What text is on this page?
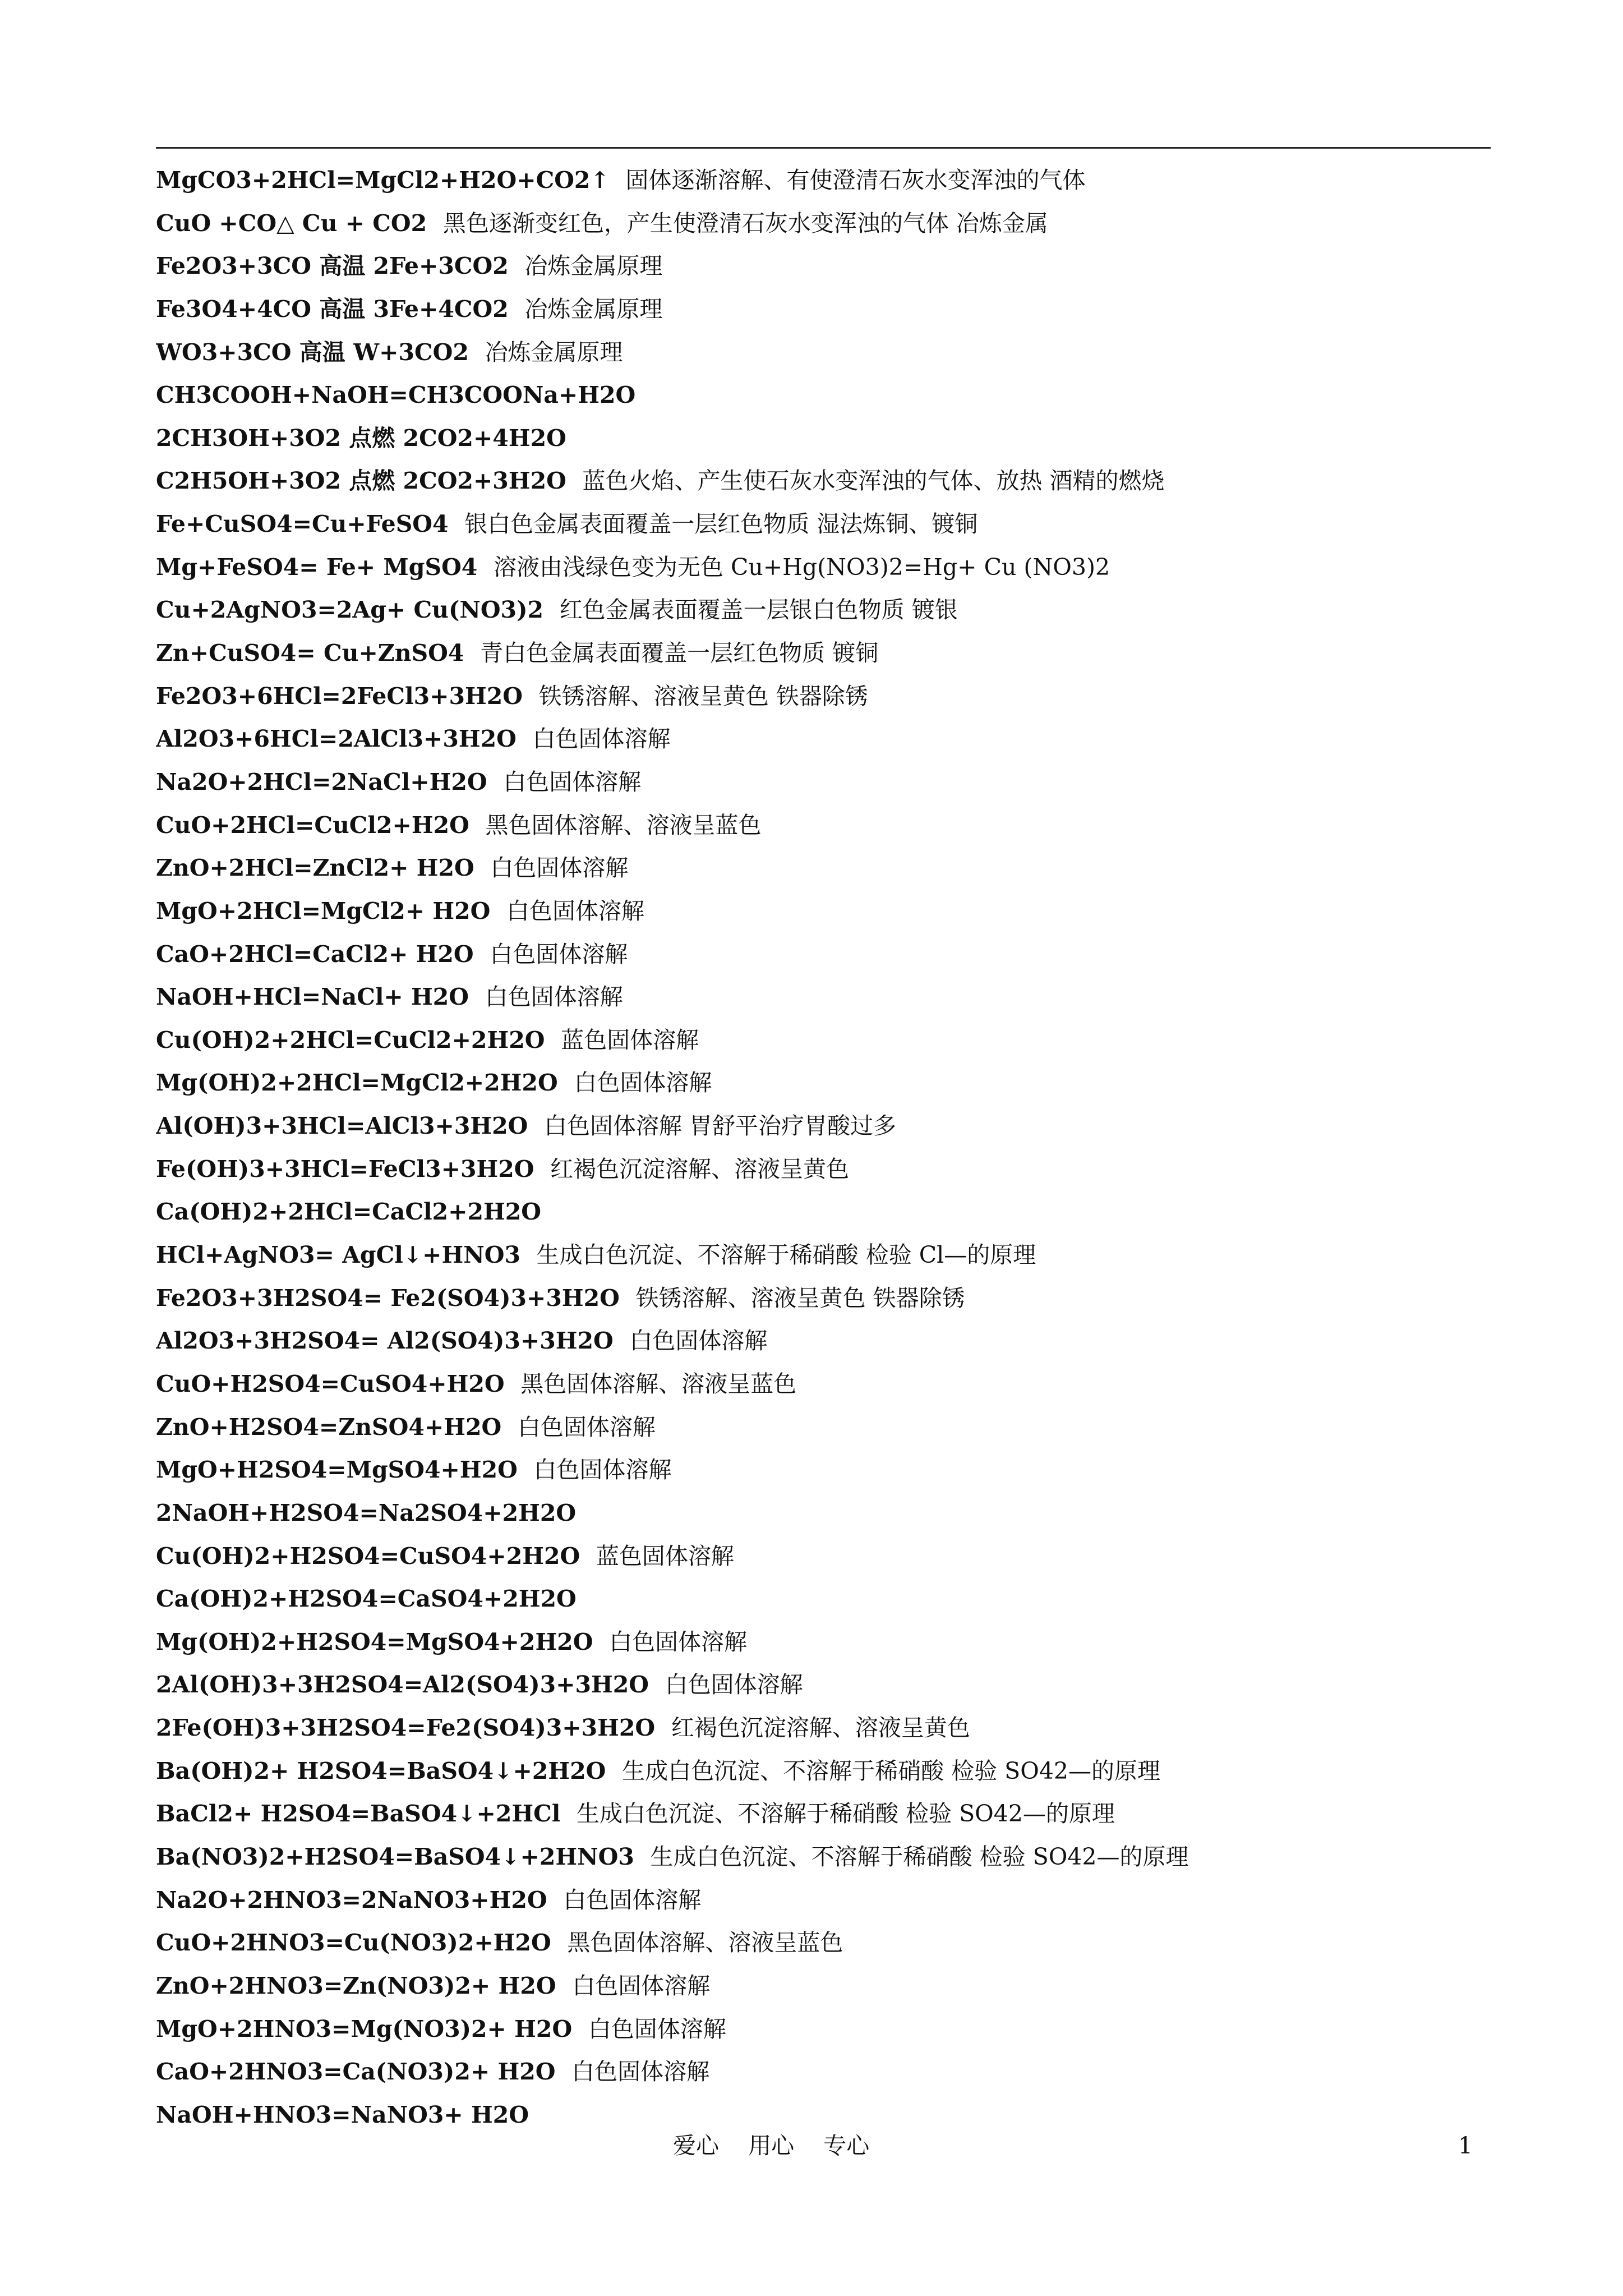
MgCO3+2HCl=MgCl2+H2O+CO2↑ 固体逐渐溶解、有使澄清石灰水变浑浊的气体
CuO +CO△ Cu + CO2 黑色逐渐变红色，产生使澄清石灰水变浑浊的气体 冶炼金属
Fe2O3+3CO 高温 2Fe+3CO2 冶炼金属原理
Fe3O4+4CO 高温 3Fe+4CO2 冶炼金属原理
WO3+3CO 高温 W+3CO2 冶炼金属原理
CH3COOH+NaOH=CH3COONa+H2O
2CH3OH+3O2 点燃 2CO2+4H2O
C2H5OH+3O2 点燃 2CO2+3H2O 蓝色火焰、产生使石灰水变浑浊的气体、放热 酒精的燃烧
Fe+CuSO4=Cu+FeSO4 银白色金属表面覆盖一层红色物质 湿法炼铜、镀铜
Mg+FeSO4= Fe+ MgSO4 溶液由浅绿色变为无色 Cu+Hg(NO3)2=Hg+ Cu (NO3)2
Cu+2AgNO3=2Ag+ Cu(NO3)2 红色金属表面覆盖一层银白色物质 镀银
Zn+CuSO4= Cu+ZnSO4 青白色金属表面覆盖一层红色物质 镀铜
Fe2O3+6HCl=2FeCl3+3H2O 铁锈溶解、溶液呈黄色 铁器除锈
Al2O3+6HCl=2AlCl3+3H2O 白色固体溶解
Na2O+2HCl=2NaCl+H2O 白色固体溶解
CuO+2HCl=CuCl2+H2O 黑色固体溶解、溶液呈蓝色
ZnO+2HCl=ZnCl2+ H2O 白色固体溶解
MgO+2HCl=MgCl2+ H2O 白色固体溶解
CaO+2HCl=CaCl2+ H2O 白色固体溶解
NaOH+HCl=NaCl+ H2O 白色固体溶解
Cu(OH)2+2HCl=CuCl2+2H2O 蓝色固体溶解
Mg(OH)2+2HCl=MgCl2+2H2O 白色固体溶解
Al(OH)3+3HCl=AlCl3+3H2O 白色固体溶解 胃舒平治疗胃酸过多
Fe(OH)3+3HCl=FeCl3+3H2O 红褐色沉淀溶解、溶液呈黄色
Ca(OH)2+2HCl=CaCl2+2H2O
HCl+AgNO3= AgCl↓+HNO3 生成白色沉淀、不溶解于稀硝酸 检验 Cl—的原理
Fe2O3+3H2SO4= Fe2(SO4)3+3H2O 铁锈溶解、溶液呈黄色 铁器除锈
Al2O3+3H2SO4= Al2(SO4)3+3H2O 白色固体溶解
CuO+H2SO4=CuSO4+H2O 黑色固体溶解、溶液呈蓝色
ZnO+H2SO4=ZnSO4+H2O 白色固体溶解
MgO+H2SO4=MgSO4+H2O 白色固体溶解
2NaOH+H2SO4=Na2SO4+2H2O
Cu(OH)2+H2SO4=CuSO4+2H2O 蓝色固体溶解
Ca(OH)2+H2SO4=CaSO4+2H2O
Mg(OH)2+H2SO4=MgSO4+2H2O 白色固体溶解
2Al(OH)3+3H2SO4=Al2(SO4)3+3H2O 白色固体溶解
2Fe(OH)3+3H2SO4=Fe2(SO4)3+3H2O 红褐色沉淀溶解、溶液呈黄色
Ba(OH)2+ H2SO4=BaSO4↓+2H2O 生成白色沉淀、不溶解于稀硝酸 检验 SO42—的原理
BaCl2+ H2SO4=BaSO4↓+2HCl 生成白色沉淀、不溶解于稀硝酸 检验 SO42—的原理
Ba(NO3)2+H2SO4=BaSO4↓+2HNO3 生成白色沉淀、不溶解于稀硝酸 检验 SO42—的原理
Na2O+2HNO3=2NaNO3+H2O 白色固体溶解
CuO+2HNO3=Cu(NO3)2+H2O 黑色固体溶解、溶液呈蓝色
ZnO+2HNO3=Zn(NO3)2+ H2O 白色固体溶解
MgO+2HNO3=Mg(NO3)2+ H2O 白色固体溶解
CaO+2HNO3=Ca(NO3)2+ H2O 白色固体溶解
NaOH+HNO3=NaNO3+ H2O
爱心    用心    专心	1
